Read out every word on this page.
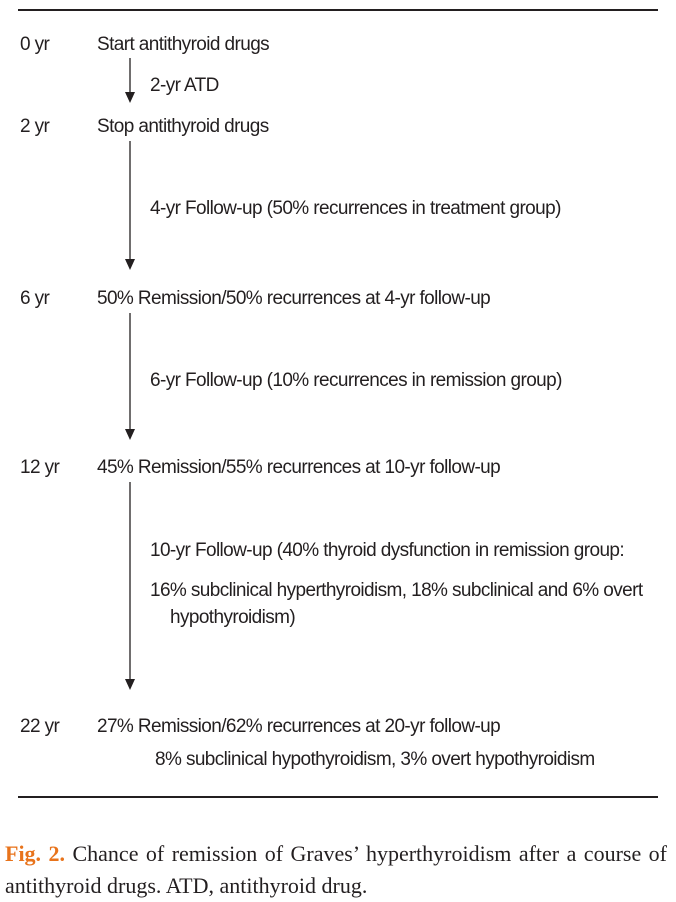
0 yr
2 yr
6 yr
12 yr
22 yr
Start antithyroid drugs
Stop antithyroid drugs
50% Remission/50% recurrences at 4-yr follow-up
45% Remission/55% recurrences at 10-yr follow-up
27% Remission/62% recurrences at 20-yr follow-up
8% subclinical hypothyroidism, 3% overt hypothyroidism
2-yr ATD
4-yr Follow-up (50% recurrences in treatment group)
6-yr Follow-up (10% recurrences in remission group)
10-yr Follow-up (40% thyroid dysfunction in remission group:
16% subclinical hyperthyroidism, 18% subclinical and 6% overt
hypothyroidism)
Fig. 2. Chance of remission of Graves’ hyperthyroidism after a course of antithyroid drugs. ATD, antithyroid drug.
